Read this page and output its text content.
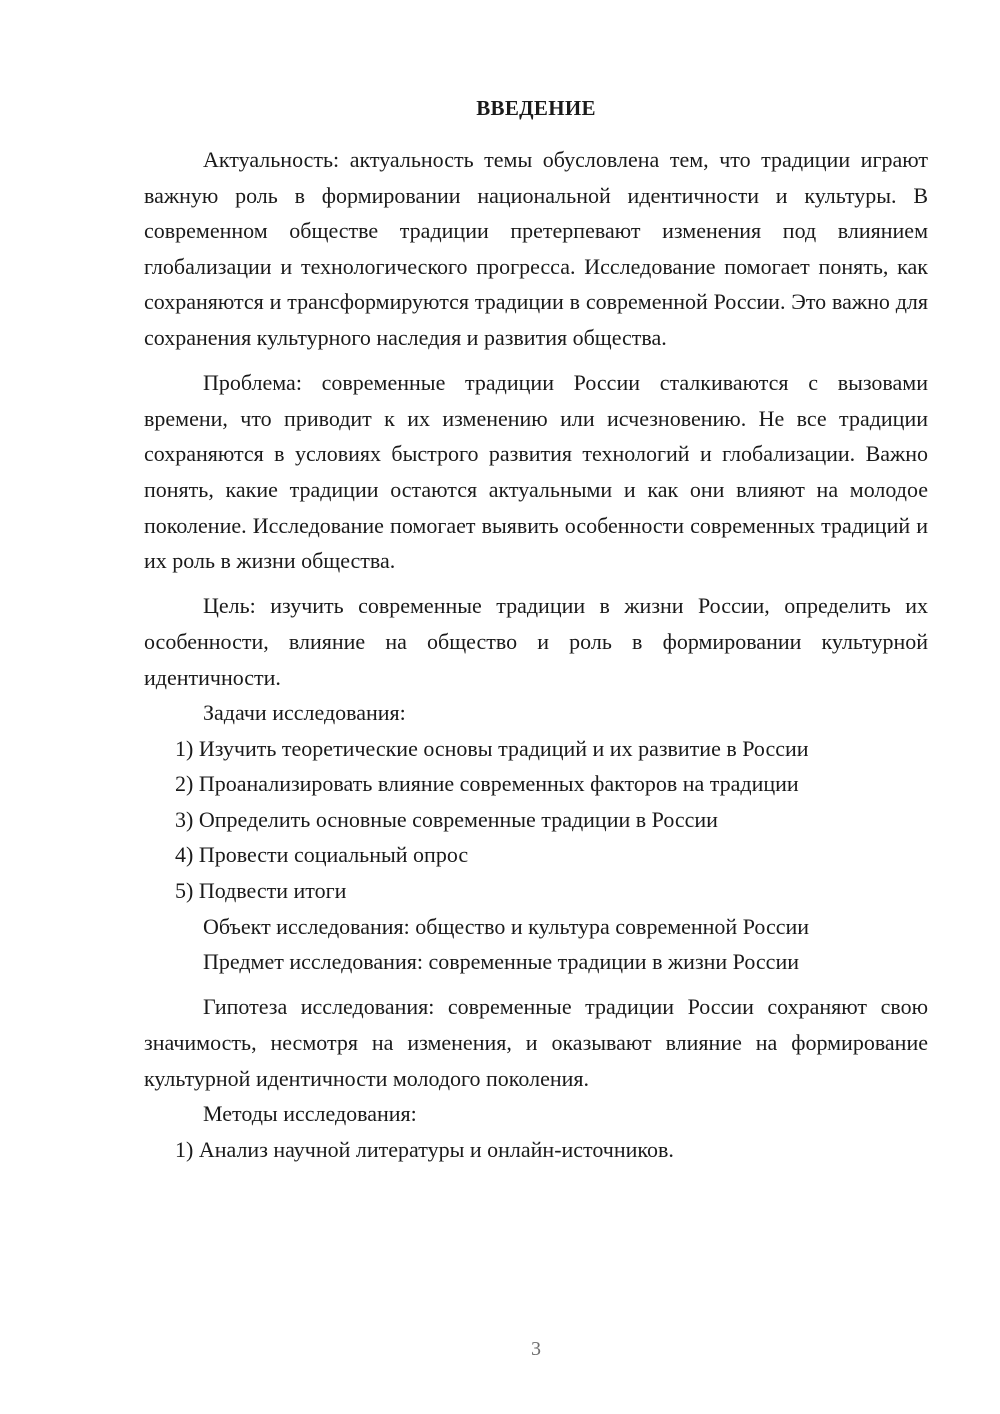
ВВЕДЕНИЕ

Актуальность: актуальность темы обусловлена тем, что традиции играют важную роль в формировании национальной идентичности и культуры. В современном обществе традиции претерпевают изменения под влиянием глобализации и технологического прогресса. Исследование помогает понять, как сохраняются и трансформируются традиции в современной России. Это важно для сохранения культурного наследия и развития общества.

Проблема: современные традиции России сталкиваются с вызовами времени, что приводит к их изменению или исчезновению. Не все традиции сохраняются в условиях быстрого развития технологий и глобализации. Важно понять, какие традиции остаются актуальными и как они влияют на молодое поколение. Исследование помогает выявить особенности современных традиций и их роль в жизни общества.

Цель: изучить современные традиции в жизни России, определить их особенности, влияние на общество и роль в формировании культурной идентичности.

Задачи исследования:

1) Изучить теоретические основы традиций и их развитие в России

2) Проанализировать влияние современных факторов на традиции

3) Определить основные современные традиции в России

4) Провести социальный опрос

5) Подвести итоги

Объект исследования: общество и культура современной России

Предмет исследования: современные традиции в жизни России

Гипотеза исследования: современные традиции России сохраняют свою значимость, несмотря на изменения, и оказывают влияние на формирование культурной идентичности молодого поколения.

Методы исследования:

1) Анализ научной литературы и онлайн-источников.

3
